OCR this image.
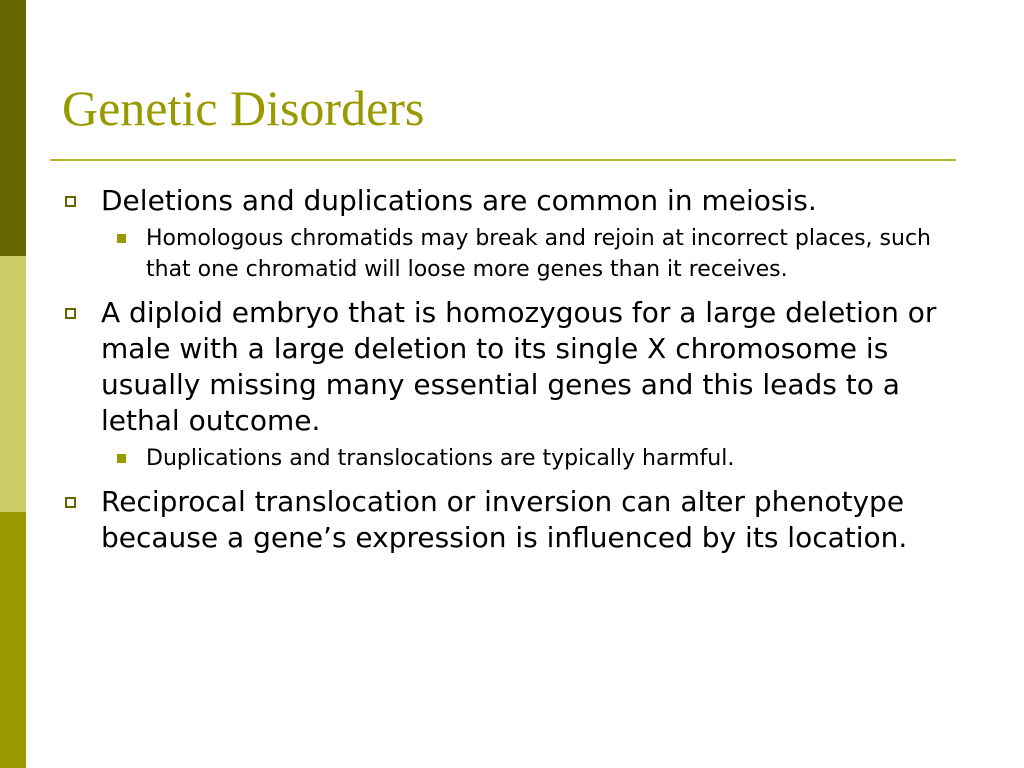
Genetic Disorders
Deletions and duplications are common in meiosis.
Homologous chromatids may break and rejoin at incorrect places, such that one chromatid will loose more genes than it receives.
A diploid embryo that is homozygous for a large deletion or male with a large deletion to its single X chromosome is usually missing many essential genes and this leads to a lethal outcome.
Duplications and translocations are typically harmful.
Reciprocal translocation or inversion can alter phenotype because a gene’s expression is influenced by its location.
